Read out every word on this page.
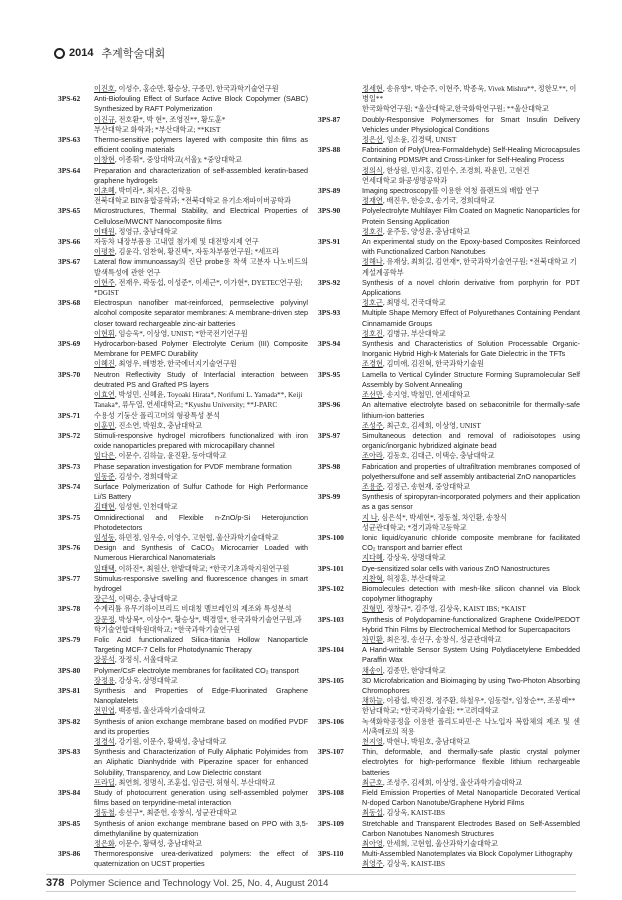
2014 추계학술대회
이진호, 이성수, 홍순만, 황승상, 구종민, 한국과학기술연구원
3PS-62	Anti-Biofouling Effect of Surface Active Block Copolymer (SABC) Synthesized by RAFT Polymerization
이진규, 전호환*, 박 현*, 조영진**, 황도훈*
부산대학교 화학과; *부산대학교; **KIST
3PS-63	Thermo-sensitive polymers layered with composite thin films as efficient cooling materials
이창현, 이종휘*, 중앙대학교(서울); *중앙대학교
3PS-64	Preparation and characterization of self-assembled keratin-based graphene hydrogels
이초혜, 박미라*, 최지은, 김학용
전북대학교 BIN융합공학과; *전북대학교 유기소재파이버공학과
3PS-65	Microstructures, Thermal Stability, and Electrical Properties of Cellulose/MWCNT Nanocomposite films
이태원, 정영규, 충남대학교
3PS-66	자동차 내장부품용 고내열 첨가제 및 대전방지제 연구
이평찬, 김윤각, 엄찬혁, 황진택*, 자동차부품연구원; *세프라
3PS-67	Lateral flow immunoassay의 진단 probe용 착색 고분자 나노비드의 발색특성에 관한 연구
이현주, 전재우, 곽동섭, 이성준*, 이세근*, 이가현*, DYETEC연구원; *DGIST
3PS-68	Electrospun nanofiber mat-reinforced, permselective polyvinyl alcohol composite separator membranes: A membrane-driven step closer toward rechargeable zinc-air batteries
이현휘, 임승욱*, 이상영, UNIST; *한국전기연구원
3PS-69	Hydrocarbon-based Polymer Electrolyte Cerium (III) Composite Membrane for PEMFC Durability
이혜진, 최영우, 배병찬, 한국에너지기술연구원
3PS-70	Neutron Reflectivity Study of Interfacial interaction between deutrated PS and Grafted PS layers
이효연, 박성민, 신혜윤, Toyoaki Hirata*, Norifumi L. Yamada**, Keiji Tanaka*, 류두열, 연세대학교; *Kyushu University; **J-PARC
3PS-71	수용성 기둥산 폴리고머의 형광특성 분석
이훈민, 진소연, 박원호, 충남대학교
3PS-72	Stimuli-responsive hydrogel microfibers functionalized with iron oxide nanoparticles prepared with microcapillary channel
임다은, 이문수, 김하늘, 윤진환, 동아대학교
3PS-73	Phase separation investigation for PVDF membrane formation
임동준, 김성수, 경희대학교
3PS-74	Surface Polymerization of Sulfur Cathode for High Performance Li/S Battery
김태현, 임성현, 인천대학교
3PS-75	Omnidirectional and Flexible n-ZnO/p-Si Heterojunction Photodetectors
임성동, 하민정, 임우승, 이영수, 고현협, 울산과학기술대학교
3PS-76	Design and Synthesis of CaCO₃ Microcarrier Loaded with Numerous Hierarchical Nanomaterials
임태택, 이하진*, 최원산, 한밭대학교; *한국기초과학지원연구원
3PS-77	Stimulus-responsive swelling and fluorescence changes in smart hydrogel
장근석, 이택승, 충남대학교
3PS-78	수계리튬 유무기하이브리드 비대칭 멤브레인의 제조와 특성분석
장문정, 박상복*, 이상수*, 황승상*, 백경열*, 한국과학기술연구원,과학기술연합대학원대학교; *한국과학기술연구원
3PS-79	Folic Acid functionalized Silica-titania Hollow Nanoparticle Targeting MCF-7 Cells for Photodynamic Therapy
장봉석, 장정식, 서울대학교
3PS-80	Polymer/CsF electrolyte membranes for facilitated CO₂ transport
장정용, 강상욱, 상명대학교
3PS-81	Synthesis and Properties of Edge-Fluorinated Graphene Nanoplatelets
전민엽, 백종범, 울산과학기술대학교
3PS-82	Synthesis of anion exchange membrane based on modified PVDF and its properties
정경석, 강기원, 이문수, 황택성, 충남대학교
3PS-83	Synthesis and Characterization of Fully Aliphatic Polyimides from an Aliphatic Dianhydride with Piperazine spacer for enhanced Solubility, Transparency, and Low Dielectric constant
프라딥, 최연희, 정명식, 조훈섭, 임금린, 허형식, 부산대학교
3PS-84	Study of photocurrent generation using self-assembled polymer films based on terpyridine-metal interaction
정동철, 송선구*, 최준헌, 송창식, 성균관대학교
3PS-85	Synthesis of anion exchange membrane based on PPO with 3,5-dimethylaniline by quaternization
정은화, 이문수, 황택성, 충남대학교
3PS-86	Thermoresponsive urea-derivatized polymers: the effect of quaternization on UCST properties
정세현, 송유향*, 박순주, 이현주, 박종욱, Vivek Mishra**, 정한모**, 이병일**
한국화학연구원; *울산대학교,한국화학연구원; **울산대학교
3PS-87	Doubly-Responsive Polymersomes for Smart Insulin Delivery Vehicles under Physiological Conditions
정은선, 임소윤, 김경택, UNIST
3PS-88	Fabrication of Poly(Urea-Formaldehyde) Self-Healing Microcapsules Containing PDMS/Pt and Cross-Linker for Self-Healing Process
정의식, 한상원, 민지홍, 김민수, 조경희, 곽윤민, 고현건
연세대학교 화공생명공학과
3PS-89	Imaging spectroscopy를 이용한 역청 플랜트의 배합 연구
정재연, 배진우, 한승호, 송기국, 경희대학교
3PS-90	Polyelectrolyte Multilayer Film Coated on Magnetic Nanoparticles for Protein Sensing Application
정호진, 윤주동, 양성윤, 충남대학교
3PS-91	An experimental study on the Epoxy-based Composites Reinforced with Functionalized Carbon Nanotubes
정해나, 유재상, 최희길, 김연재*, 한국과학기술연구원; *전북대학교 기계설계공학부
3PS-92	Synthesis of a novel chlorin derivative from porphyrin for PDT Applications
정호근, 최명석, 건국대학교
3PS-93	Multiple Shape Memory Effect of Polyurethanes Containing Pendant Cinnamamide Groups
정호진, 김병규, 부산대학교
3PS-94	Synthesis and Characteristics of Solution Processable Organic-Inorganic Hybrid High-k Materials for Gate Dielectric in the TFTs
조경현, 김미애, 김진혁, 한국과학기술원
3PS-95	Lamella to Vertical Cylinder Structure Forming Supramolecular Self Assembly by Solvent Annealing
조선만, 송지영, 박철민, 연세대학교
3PS-96	An alternative electrolyte based on sebaconitrile for thermally-safe lithium-ion batteries
조성주, 최근호, 김세희, 이상영, UNIST
3PS-97	Simultaneous detection and removal of radioisotopes using organic/inorganic hybridized alginate bead
조아라, 김동호, 김대근, 이택승, 충남대학교
3PS-98	Fabrication and properties of ultrafiltration membranes composed of polyethersulfone and self assembly antibacterial ZnO nanoparticles
조용준, 김정근, 송현재, 중앙대학교
3PS-99	Synthesis of spiropyran-incorporated polymers and their application as a gas sensor
지 나, 심은석*, 박세현*, 정동철, 차인환, 송창식
성균관대학교; *경기과학고등학교
3PS-100	Ionic liquid/cyanuric chloride composite membrane for facilitated CO₂ transport and barrier effect
지다혜, 강상욱, 상명대학교
3PS-101	Dye-sensitized solar cells with various ZnO Nanostructures
지찬혁, 허정훈, 부산대학교
3PS-102	Biomolecules detection with mesh-like silicon channel via Block copolymer lithography
진형민, 정창규*, 김주영, 김상욱, KAIST IBS; *KAIST
3PS-103	Synthesis of Polydopamine-functionalized Graphene Oxide/PEDOT Hybrid Thin Films by Electrochemical Method for Supercapacitors
차민환, 최은정, 송선구, 송창식, 성균관대학교
3PS-104	A Hand-writable Sensor System Using Polydiacetylene Embedded Paraffin Wax
채송이, 김종만, 한양대학교
3PS-105	3D Microfabrication and Bioimaging by using Two-Photon Absorbing Chromophores
채하늘, 이광섭, 박진경, 정주환, 하철우*, 임동렬*, 임창순**, 조봉래**
한남대학교; *한국과학기술원; **고려대학교
3PS-106	녹색화학공정을 이용한 폴리도파민-은 나노입자 복합체의 제조 및 센서/촉매로의 적용
천지영, 박현나, 박원호, 충남대학교
3PS-107	Thin, deformable, and thermally-safe plastic crystal polymer electrolytes for high-performance flexible lithium rechargeable batteries
최근호, 조성주, 김세희, 이상영, 울산과학기술대학교
3PS-108	Field Emission Properties of Metal Nanoparticle Decorated Vertical N-doped Carbon Nanotube/Graphene Hybrid Films
최동섭, 김상욱, KAIST-IBS
3PS-109	Stretchable and Transparent Electrodes Based on Self-Assembled Carbon Nanotubes Nanomesh Structures
최아영, 안세희, 고현협, 울산과학기술대학교
3PS-110	Multi-Assembled Nanotemplates via Block Copolymer Lithography
최영주, 김상욱, KAIST-IBS
378 Polymer Science and Technology Vol. 25, No. 4, August 2014
